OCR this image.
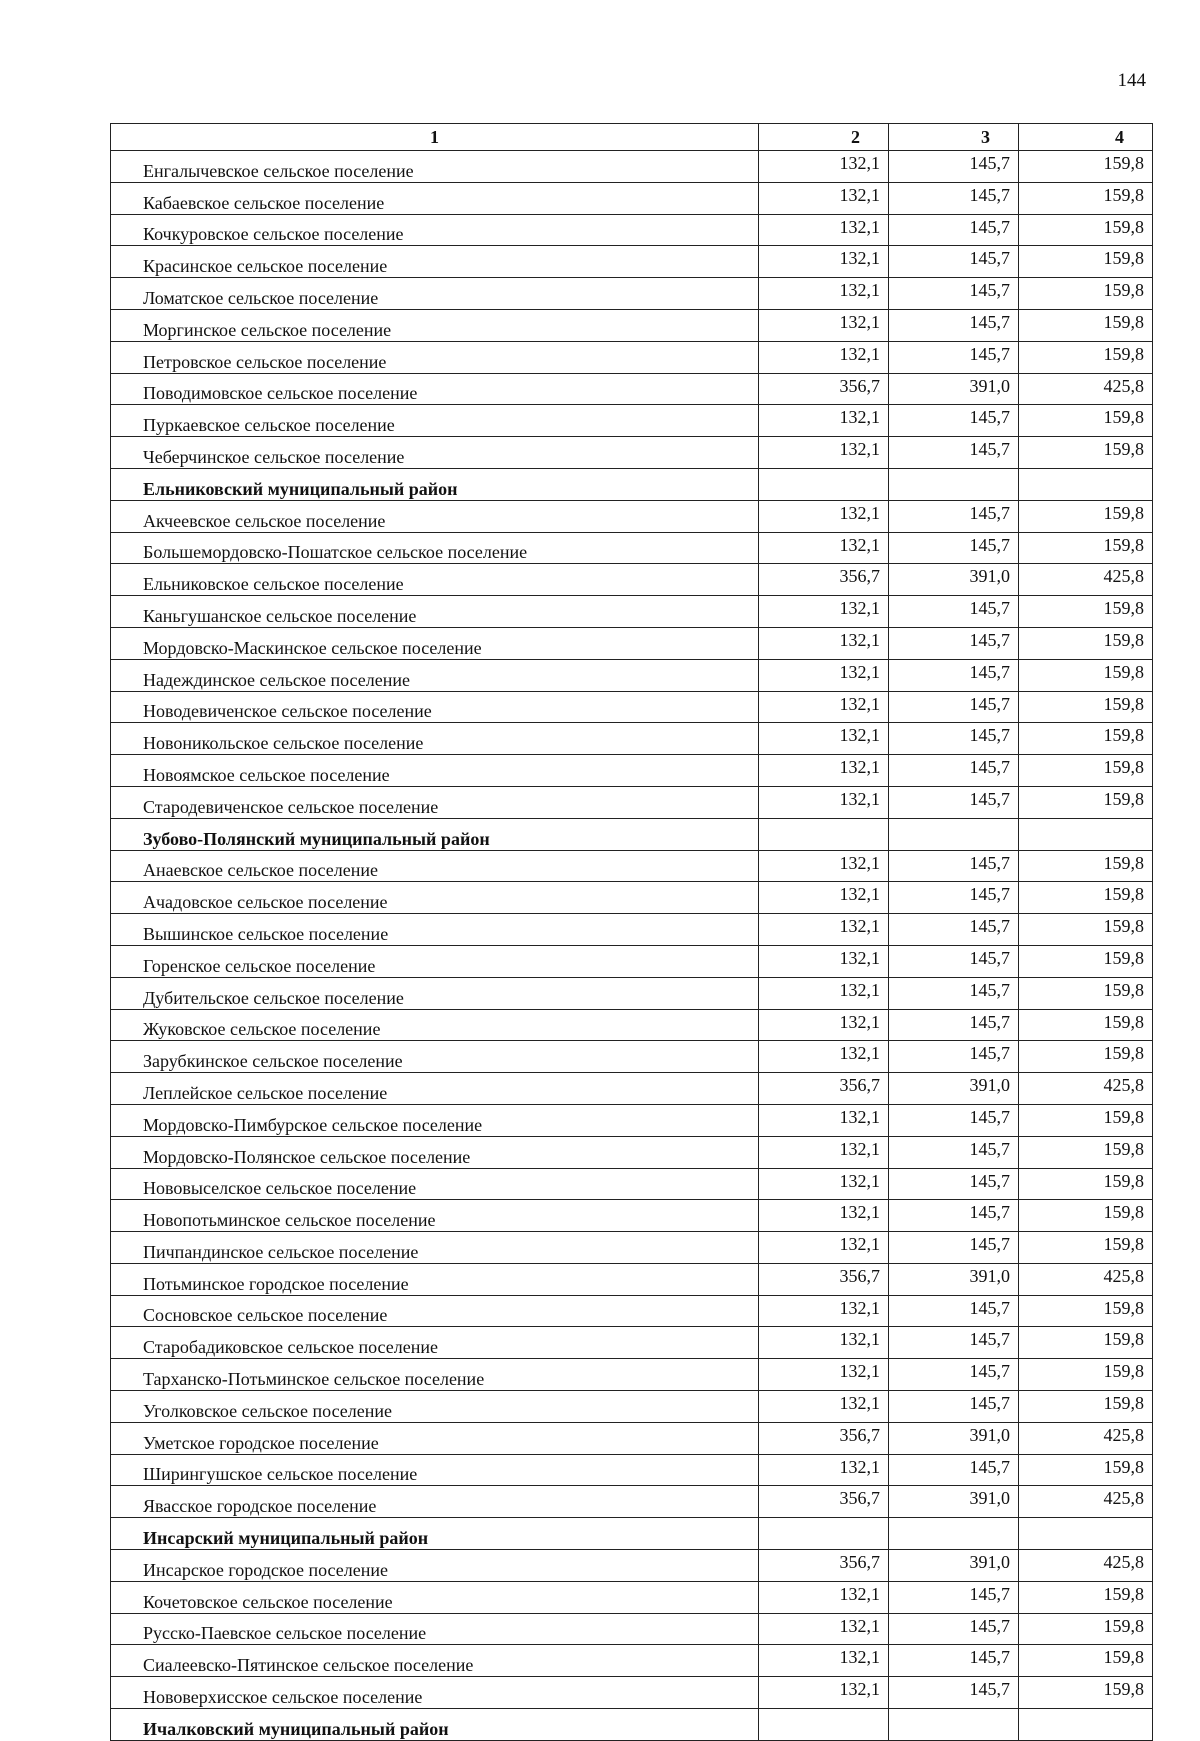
144
1	2	3	4
Енгалычевское сельское поселение	132,1	145,7	159,8
Кабаевское сельское поселение	132,1	145,7	159,8
Кочкуровское сельское поселение	132,1	145,7	159,8
Красинское сельское поселение	132,1	145,7	159,8
Ломатское сельское поселение	132,1	145,7	159,8
Моргинское сельское поселение	132,1	145,7	159,8
Петровское сельское поселение	132,1	145,7	159,8
Поводимовское сельское поселение	356,7	391,0	425,8
Пуркаевское сельское поселение	132,1	145,7	159,8
Чеберчинское сельское поселение	132,1	145,7	159,8
Ельниковский муниципальный район			
Акчеевское сельское поселение	132,1	145,7	159,8
Большемордовско-Пошатское сельское поселение	132,1	145,7	159,8
Ельниковское сельское поселение	356,7	391,0	425,8
Каньгушанское сельское поселение	132,1	145,7	159,8
Мордовско-Маскинское сельское поселение	132,1	145,7	159,8
Надеждинское сельское поселение	132,1	145,7	159,8
Новодевиченское сельское поселение	132,1	145,7	159,8
Новоникольское сельское поселение	132,1	145,7	159,8
Новоямское сельское поселение	132,1	145,7	159,8
Стародевиченское сельское поселение	132,1	145,7	159,8
Зубово-Полянский муниципальный район			
Анаевское сельское поселение	132,1	145,7	159,8
Ачадовское сельское поселение	132,1	145,7	159,8
Вышинское сельское поселение	132,1	145,7	159,8
Горенское сельское поселение	132,1	145,7	159,8
Дубительское сельское поселение	132,1	145,7	159,8
Жуковское сельское поселение	132,1	145,7	159,8
Зарубкинское сельское поселение	132,1	145,7	159,8
Леплейское сельское поселение	356,7	391,0	425,8
Мордовско-Пимбурское сельское поселение	132,1	145,7	159,8
Мордовско-Полянское сельское поселение	132,1	145,7	159,8
Нововыселское сельское поселение	132,1	145,7	159,8
Новопотьминское сельское поселение	132,1	145,7	159,8
Пичпандинское сельское поселение	132,1	145,7	159,8
Потьминское городское поселение	356,7	391,0	425,8
Сосновское сельское поселение	132,1	145,7	159,8
Старобадиковское сельское поселение	132,1	145,7	159,8
Тарханско-Потьминское сельское поселение	132,1	145,7	159,8
Уголковское сельское поселение	132,1	145,7	159,8
Уметское городское поселение	356,7	391,0	425,8
Ширингушское сельское поселение	132,1	145,7	159,8
Явасское городское поселение	356,7	391,0	425,8
Инсарский муниципальный район			
Инсарское городское поселение	356,7	391,0	425,8
Кочетовское сельское поселение	132,1	145,7	159,8
Русско-Паевское сельское поселение	132,1	145,7	159,8
Сиалеевско-Пятинское сельское поселение	132,1	145,7	159,8
Нововерхисское сельское поселение	132,1	145,7	159,8
Ичалковский муниципальный район			
